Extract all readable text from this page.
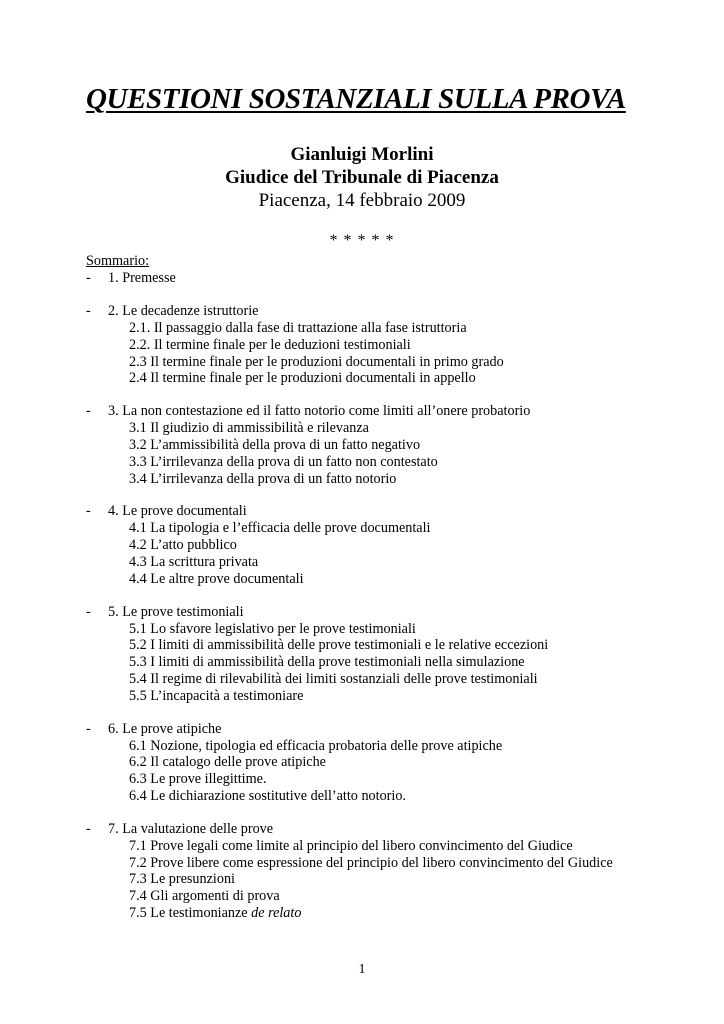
QUESTIONI SOSTANZIALI SULLA PROVA
Gianluigi Morlini
Giudice del Tribunale di Piacenza
Piacenza, 14 febbraio 2009
* * * * *
Sommario:
-	1. Premesse
-	2. Le decadenze istruttorie
2.1. Il passaggio dalla fase di trattazione alla fase istruttoria
2.2. Il termine finale per le deduzioni testimoniali
2.3 Il termine finale per le produzioni documentali in primo grado
2.4 Il termine finale per le produzioni documentali in appello
-	3. La non contestazione ed il fatto notorio come limiti all’onere probatorio
3.1 Il giudizio di ammissibilità e rilevanza
3.2 L’ammissibilità della prova di un fatto negativo
3.3 L’irrilevanza della prova di un fatto non contestato
3.4 L’irrilevanza della prova di un fatto notorio
-	4. Le prove documentali
4.1 La tipologia e l’efficacia delle prove documentali
4.2 L’atto pubblico
4.3 La scrittura privata
4.4 Le altre prove documentali
-	5. Le prove testimoniali
5.1 Lo sfavore legislativo per le prove testimoniali
5.2 I limiti di ammissibilità delle prove testimoniali e le relative eccezioni
5.3 I limiti di ammissibilità della prove testimoniali nella simulazione
5.4 Il regime di rilevabilità dei limiti sostanziali delle prove testimoniali
5.5 L’incapacità a testimoniare
-	6. Le prove atipiche
6.1 Nozione, tipologia ed efficacia probatoria delle prove atipiche
6.2 Il catalogo delle prove atipiche
6.3 Le prove illegittime.
6.4 Le dichiarazione sostitutive dell’atto notorio.
-	7. La valutazione delle prove
7.1 Prove legali come limite al principio del libero convincimento del Giudice
7.2 Prove libere come espressione del principio del libero convincimento del Giudice
7.3 Le presunzioni
7.4 Gli argomenti di prova
7.5 Le testimonianze de relato
1
